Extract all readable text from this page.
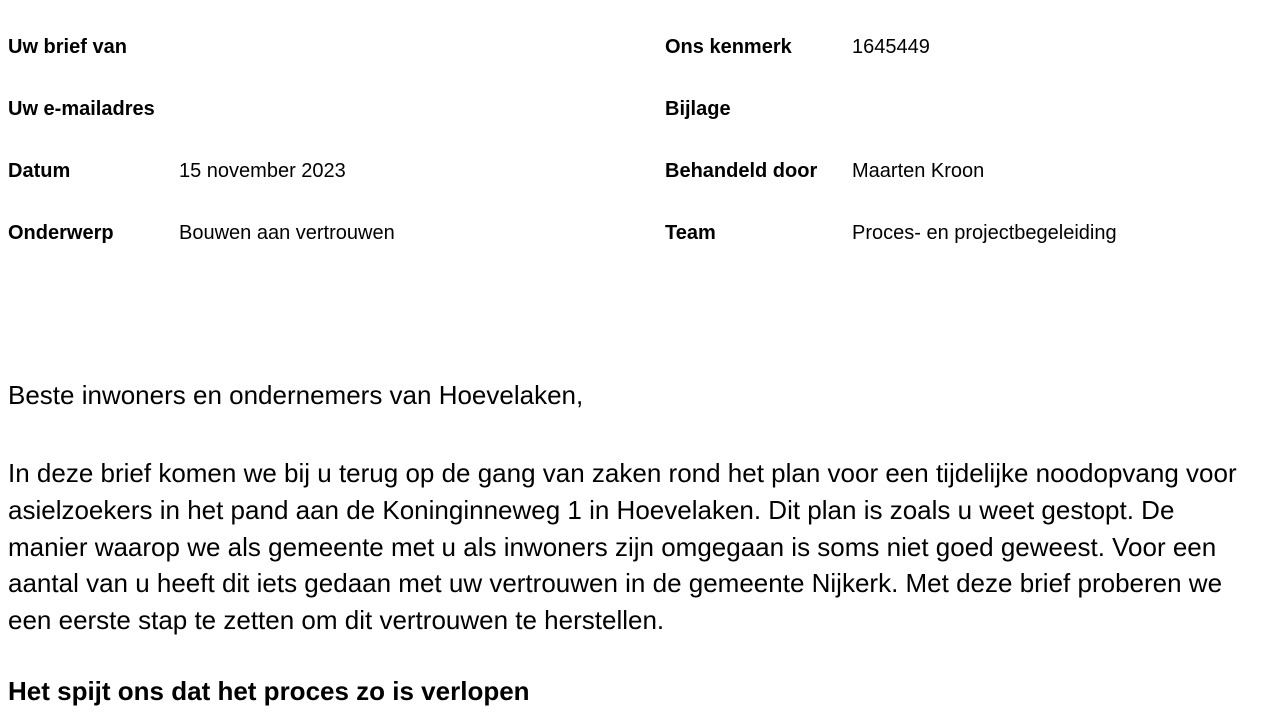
Uw brief van
Uw e-mailadres
Datum	15 november 2023
Onderwerp	Bouwen aan vertrouwen
Ons kenmerk	1645449
Bijlage
Behandeld door Maarten Kroon
Team	Proces- en projectbegeleiding
Beste inwoners en ondernemers van Hoevelaken,

In deze brief komen we bij u terug op de gang van zaken rond het plan voor een tijdelijke noodopvang voor asielzoekers in het pand aan de Koninginneweg 1 in Hoevelaken. Dit plan is zoals u weet gestopt. De manier waarop we als gemeente met u als inwoners zijn omgegaan is soms niet goed geweest. Voor een aantal van u heeft dit iets gedaan met uw vertrouwen in de gemeente Nijkerk. Met deze brief proberen we een eerste stap te zetten om dit vertrouwen te herstellen.

Het spijt ons dat het proces zo is verlopen
